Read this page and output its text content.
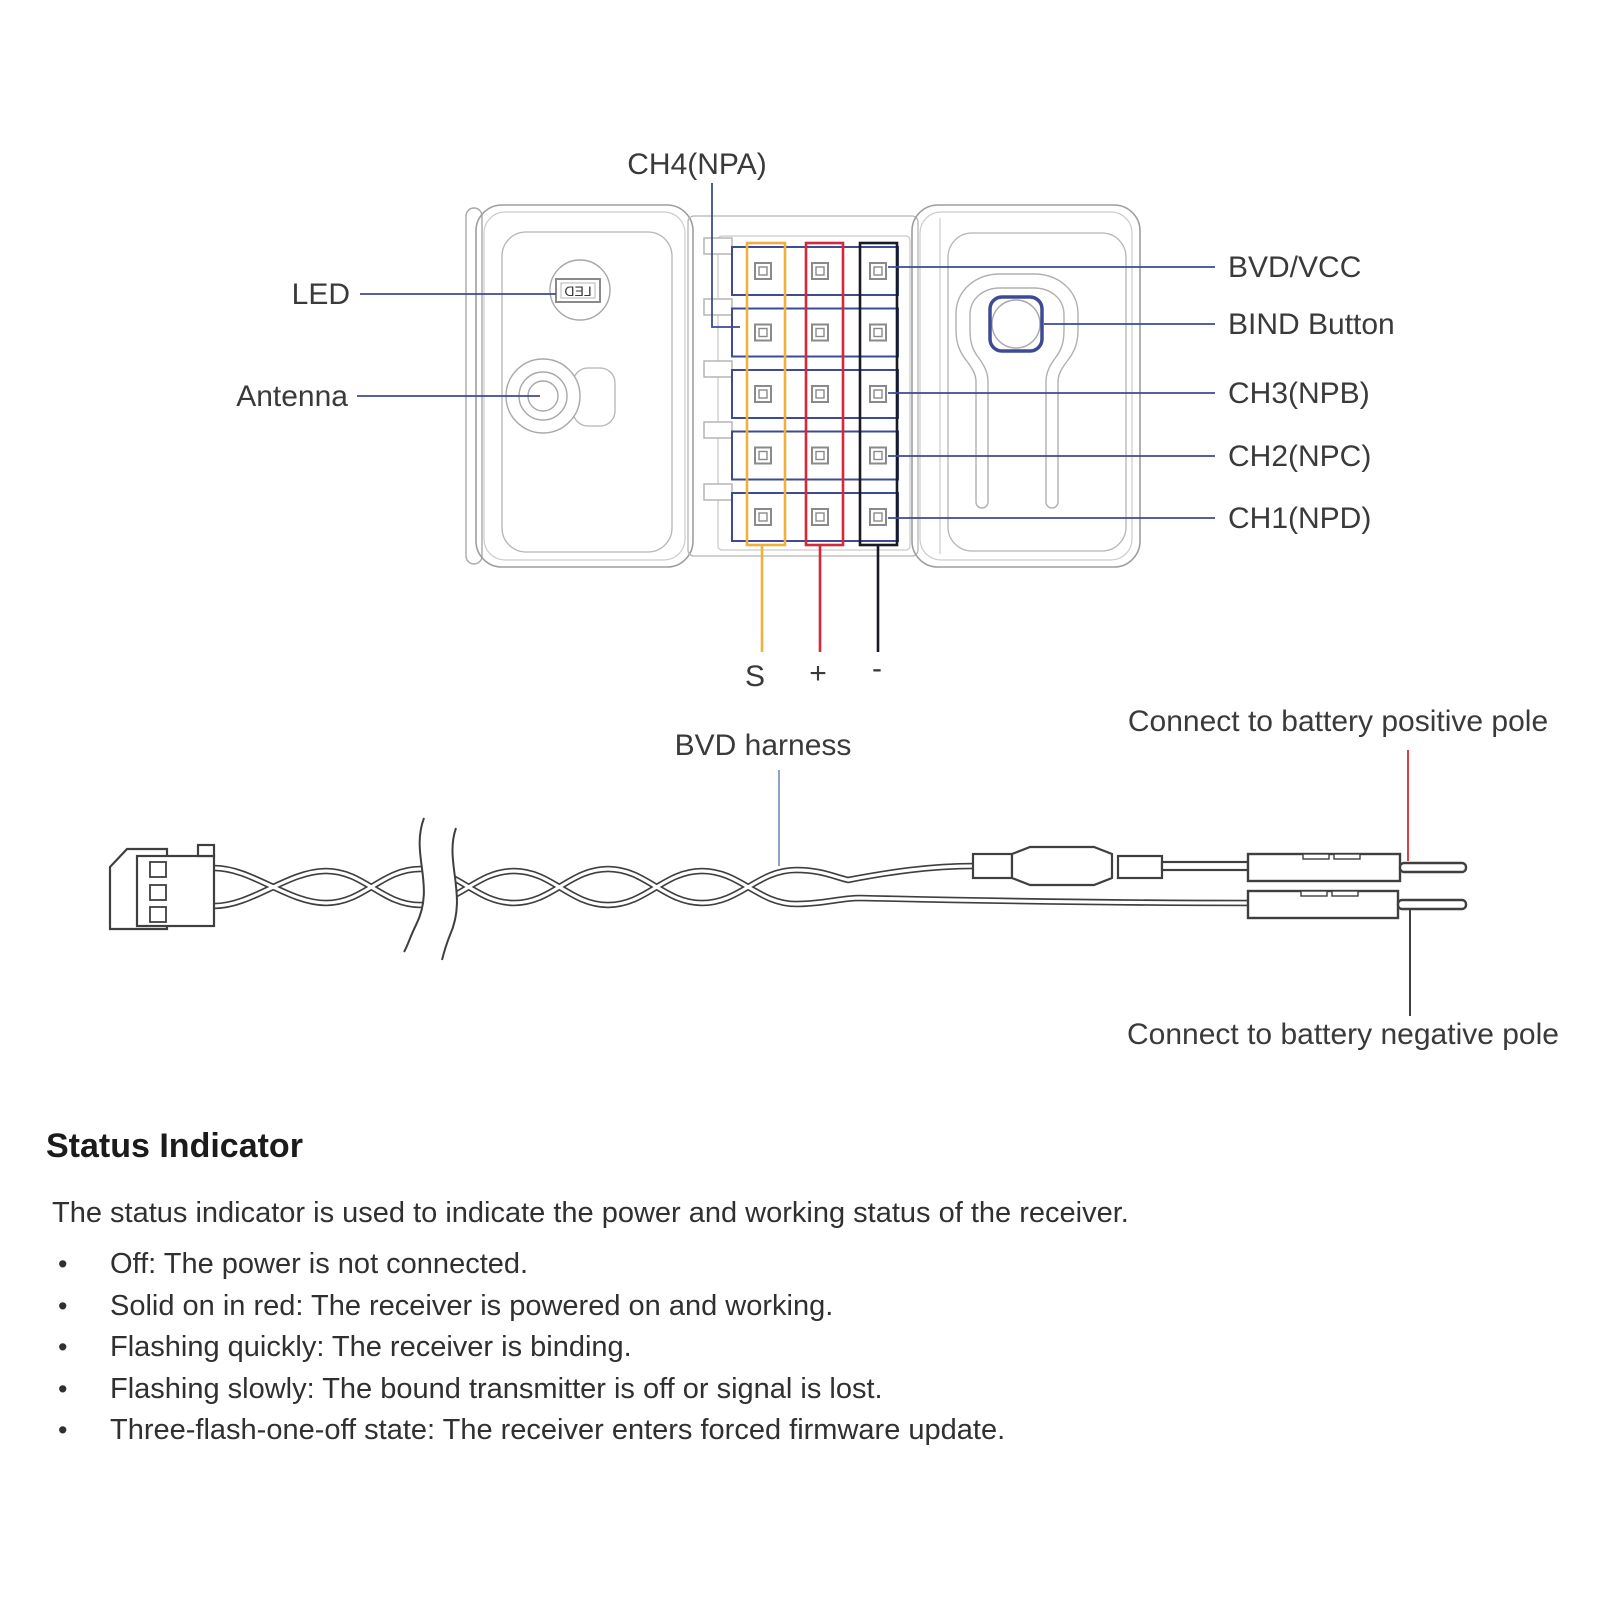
LED
CH4(NPA)
LED
Antenna
BVD/VCC
BIND Button
CH3(NPB)
CH2(NPC)
CH1(NPD)
S + -
BVD harness
Connect to battery positive pole
Connect to battery negative pole
Status Indicator

The status indicator is used to indicate the power and working status of the receiver.

• Off: The power is not connected.
• Solid on in red: The receiver is powered on and working.
• Flashing quickly: The receiver is binding.
• Flashing slowly: The bound transmitter is off or signal is lost.
• Three-flash-one-off state: The receiver enters forced firmware update.
